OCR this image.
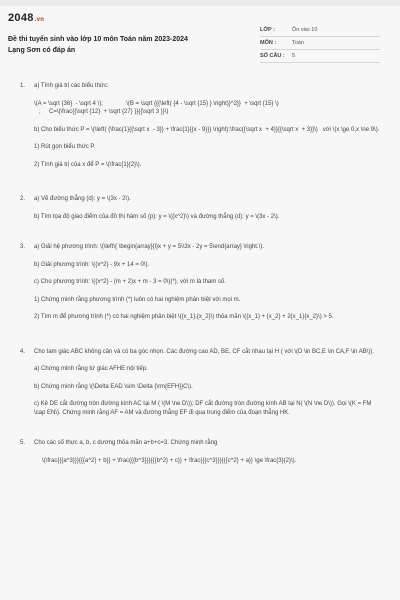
2048.vn
Đề thi tuyển sinh vào lớp 10 môn Toán năm 2023-2024
Lạng Sơn có đáp án
LỚP :	Ôn vào 10
MÔN :	Toán
SỐ CÂU :	5
1. a) Tính giá trị các biểu thức:

\(A = \sqrt {36}  - \sqrt 4 \);              \(B = \sqrt {{{\left( {4 - \sqrt {15} } \right)}^2}}  + \sqrt {15} \)

;     C=\(\frac{{\sqrt {12}  + \sqrt {27} }}{{\sqrt 3 }}\)

b) Cho biểu thức P = \(\left( {\frac{1}{{\sqrt x  - 3}} + \frac{1}{{x - 9}}} \right):\frac{{\sqrt x  + 4}}{{\sqrt x  + 3}}\)   với \(x \ge 0,x \ne 9\).

1) Rút gọn biểu thức P.

2) Tính giá trị của x để P = \(\frac{1}{2}\).

2. a) Vẽ đường thẳng (d): y = \(3x - 2\).

b) Tìm tọa độ giao điểm của đồ thị hàm số (p): y = \({x^2}\) và đường thẳng (d): y = \(3x - 2\).

3. a) Giải hệ phương trình: \(\left\{ \begin{array}{l}x + y = 5\\3x - 2y = 5\end{array} \right.\).

b) Giải phương trình: \({x^2} - 9x + 14 = 0\).

c) Cho phương trình: \({x^2} - (m + 2)x + m - 3 = 0\)(*), với m là tham số.

1) Chứng minh rằng phương trình (*) luôn có hai nghiệm phân biệt với mọi m.

2) Tìm m để phương trình (*) có hai nghiệm phân biệt \({x_1},{x_2}\) thỏa mãn \({x_1} + {x_2} + 2{x_1}{x_2}\) > 5.

4. Cho tam giác ABC không cân và có ba góc nhọn. Các đường cao AD, BE, CF cắt nhau tại H ( với \(D \in BC,E \in CA,F \in AB\)).

a) Chứng minh rằng tứ giác AFHE nội tiếp.

b) Chứng minh rằng \(\Delta EAD \sim \Delta {\rm{EFH}}C\).

c) Kẻ DE cắt đường tròn đường kính AC tại M ( \(M \ne D\)); DF cắt đường tròn đường kính AB tại N( \(N \ne D\)). Gọi \(K = FM \cap EN\). Chứng minh rằng AF = AM và đường thẳng EF đi qua trung điểm của đoạn thẳng HK.

5. Cho các số thực a, b, c dương thỏa mãn a+b+c=3. Chứng minh rằng

\(\frac{{{a^3}}}{{{a^2} + b}} + \frac{{{b^3}}}{{{b^2} + c}} + \frac{{{c^3}}}{{{c^2} + a}} \ge \frac{3}{2}\).
